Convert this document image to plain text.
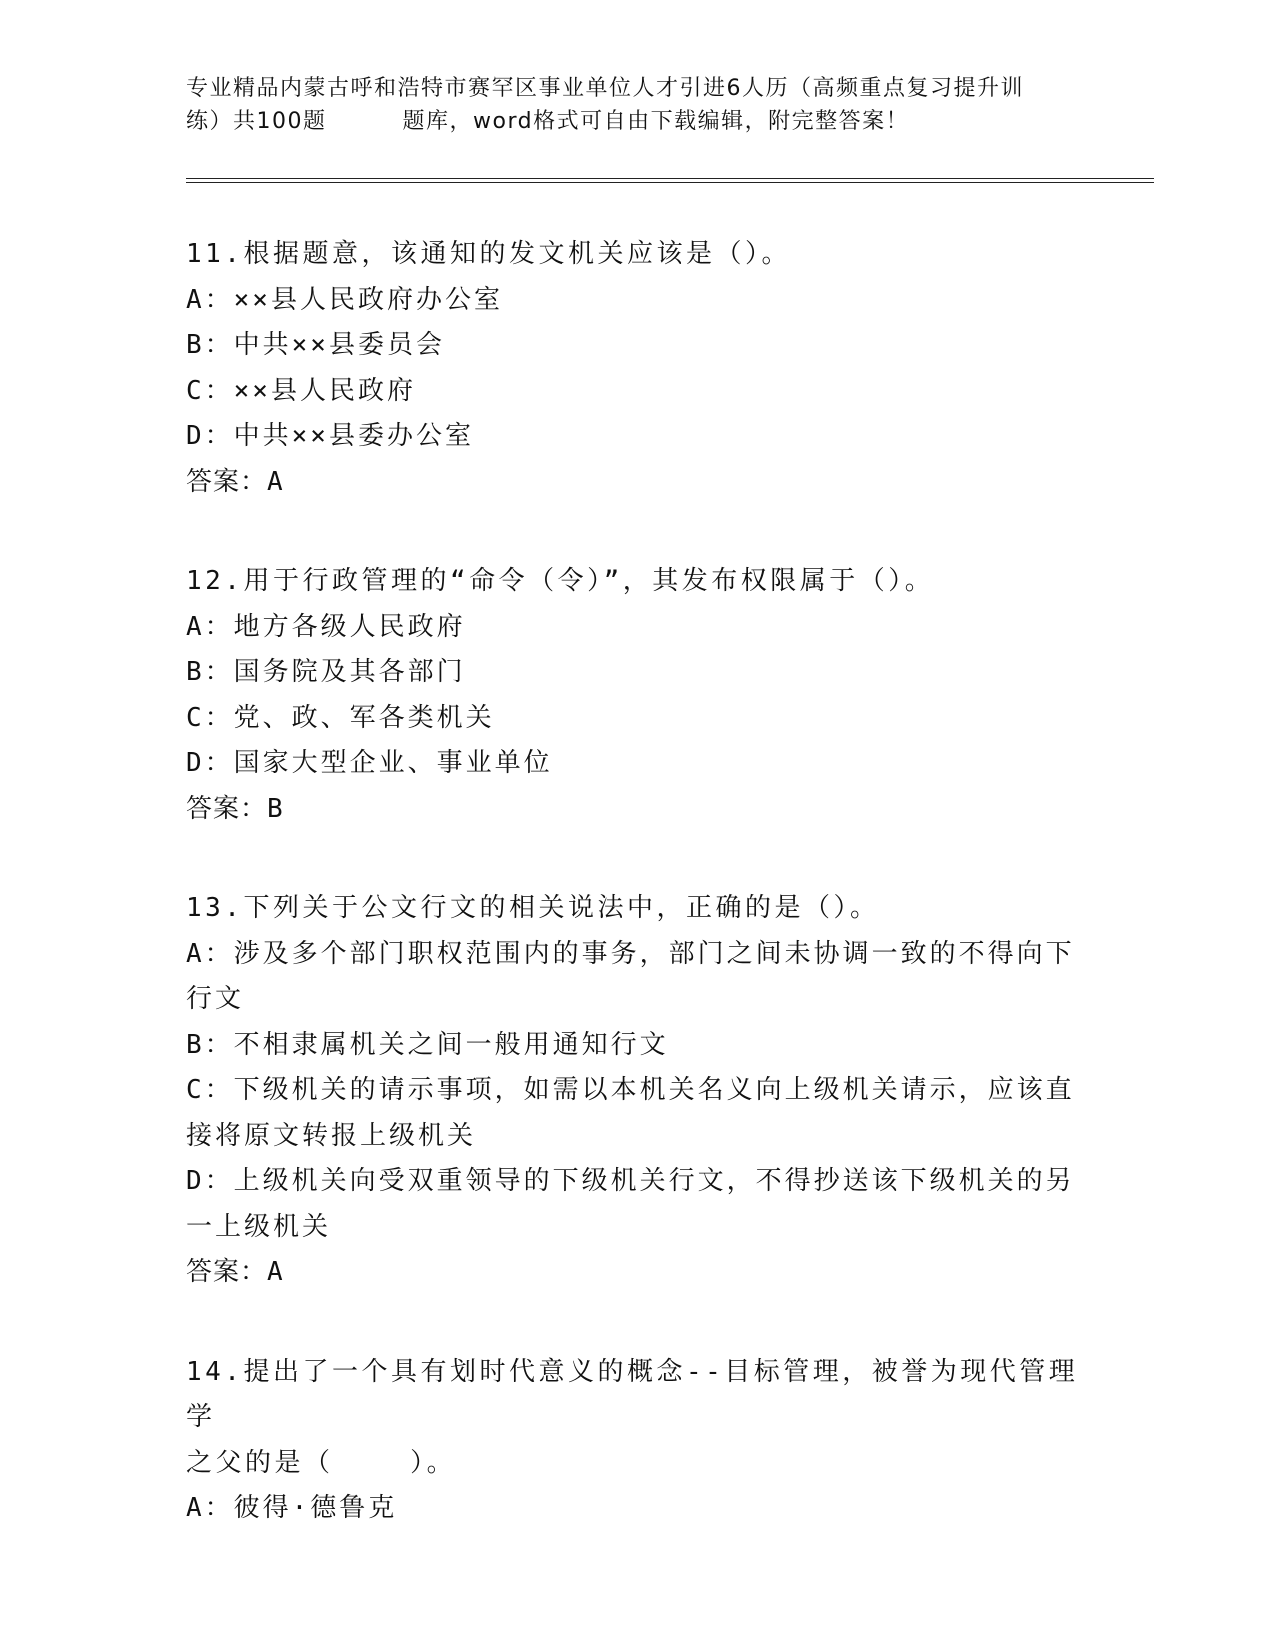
专业精品内蒙古呼和浩特市赛罕区事业单位人才引进6人历（高频重点复习提升训
练）共100题	题库，word格式可自由下载编辑，附完整答案！

11.根据题意，该通知的发文机关应该是（）。

A：××县人民政府办公室

B：中共××县委员会

C：××县人民政府

D：中共××县委办公室

答案：A

12.用于行政管理的“命令（令）”，其发布权限属于（）。

A：地方各级人民政府

B：国务院及其各部门

C：党、政、军各类机关

D：国家大型企业、事业单位

答案：B

13.下列关于公文行文的相关说法中，正确的是（）。

A：涉及多个部门职权范围内的事务，部门之间未协调一致的不得向下
行文

B：不相隶属机关之间一般用通知行文

C：下级机关的请示事项，如需以本机关名义向上级机关请示，应该直
接将原文转报上级机关

D：上级机关向受双重领导的下级机关行文，不得抄送该下级机关的另
一上级机关

答案：A

14.提出了一个具有划时代意义的概念--目标管理，被誉为现代管理学
之父的是（    ）。

A：彼得·德鲁克
